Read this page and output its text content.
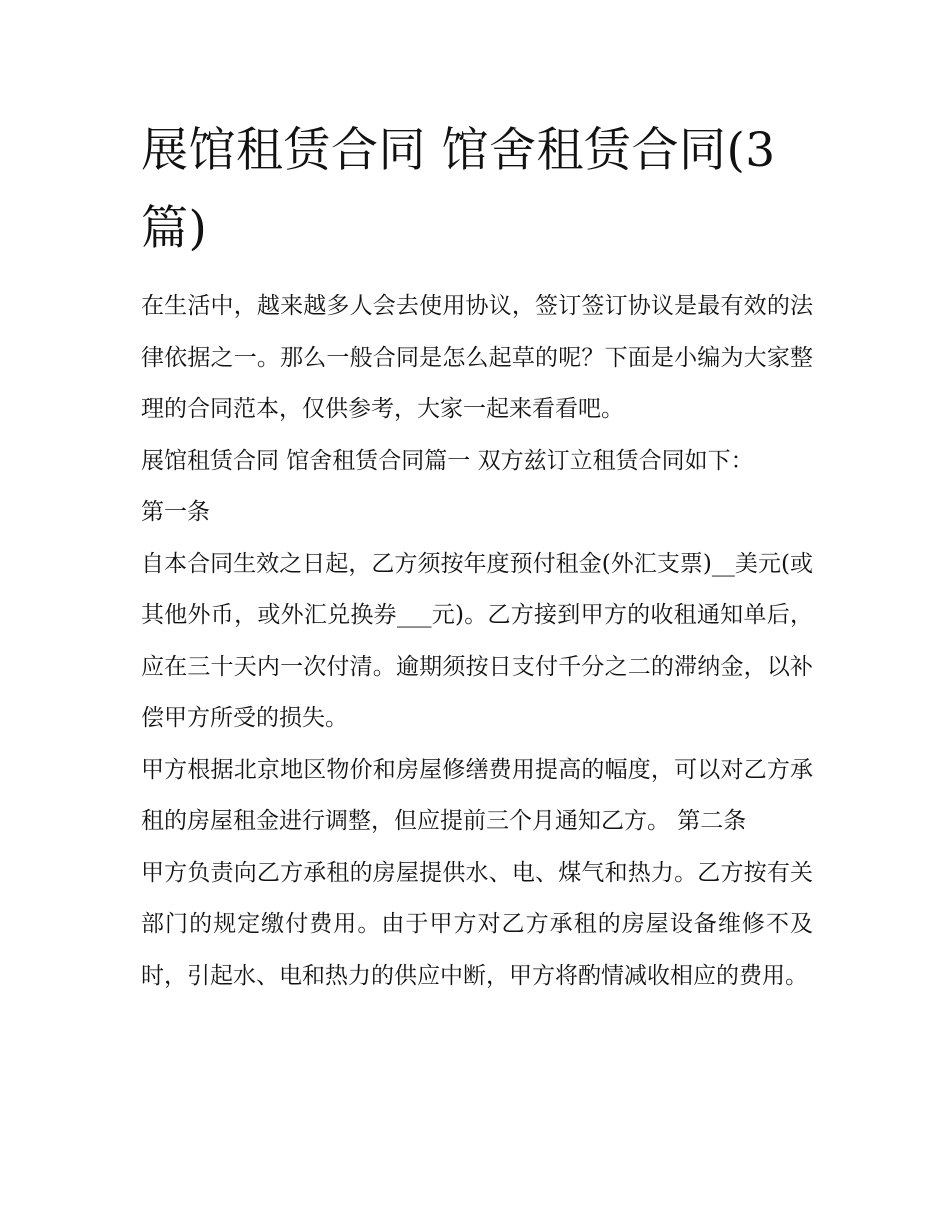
展馆租赁合同 馆舍租赁合同(3篇)

在生活中，越来越多人会去使用协议，签订签订协议是最有效的法律依据之一。那么一般合同是怎么起草的呢？下面是小编为大家整理的合同范本，仅供参考，大家一起来看看吧。

展馆租赁合同 馆舍租赁合同篇一 双方兹订立租赁合同如下：

第一条

自本合同生效之日起，乙方须按年度预付租金(外汇支票)__美元(或其他外币，或外汇兑换券___元)。乙方接到甲方的收租通知单后，应在三十天内一次付清。逾期须按日支付千分之二的滞纳金，以补偿甲方所受的损失。

甲方根据北京地区物价和房屋修缮费用提高的幅度，可以对乙方承租的房屋租金进行调整，但应提前三个月通知乙方。 第二条

甲方负责向乙方承租的房屋提供水、电、煤气和热力。乙方按有关部门的规定缴付费用。由于甲方对乙方承租的房屋设备维修不及时，引起水、电和热力的供应中断，甲方将酌情减收相应的费用。
